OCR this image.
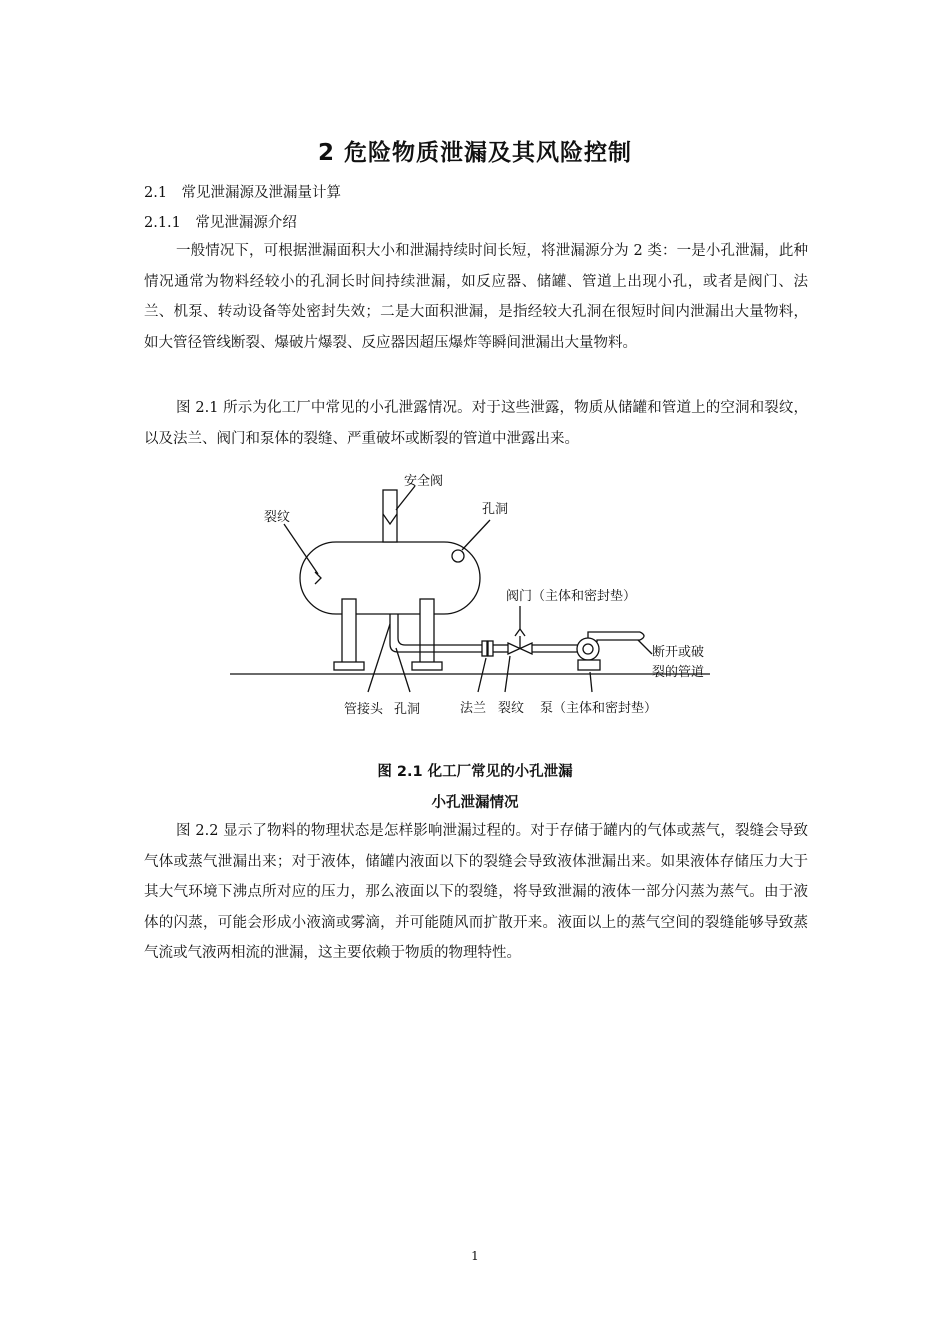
2 危险物质泄漏及其风险控制
2.1　常见泄漏源及泄漏量计算
2.1.1　常见泄漏源介绍

一般情况下，可根据泄漏面积大小和泄漏持续时间长短，将泄漏源分为 2 类：一是小孔泄漏，此种情况通常为物料经较小的孔洞长时间持续泄漏，如反应器、储罐、管道上出现小孔，或者是阀门、法兰、机泵、转动设备等处密封失效；二是大面积泄漏，是指经较大孔洞在很短时间内泄漏出大量物料，如大管径管线断裂、爆破片爆裂、反应器因超压爆炸等瞬间泄漏出大量物料。

图 2.1 所示为化工厂中常见的小孔泄露情况。对于这些泄露，物质从储罐和管道上的空洞和裂纹，以及法兰、阀门和泵体的裂缝、严重破坏或断裂的管道中泄露出来。

安全阀
裂纹
孔洞
阀门（主体和密封垫）
断开或破
裂的管道
管接头 孔洞	法兰 裂纹 泵（主体和密封垫）
图 2.1 化工厂常见的小孔泄漏
小孔泄漏情况

图 2.2 显示了物料的物理状态是怎样影响泄漏过程的。对于存储于罐内的气体或蒸气，裂缝会导致气体或蒸气泄漏出来；对于液体，储罐内液面以下的裂缝会导致液体泄漏出来。如果液体存储压力大于其大气环境下沸点所对应的压力，那么液面以下的裂缝，将导致泄漏的液体一部分闪蒸为蒸气。由于液体的闪蒸，可能会形成小液滴或雾滴，并可能随风而扩散开来。液面以上的蒸气空间的裂缝能够导致蒸气流或气液两相流的泄漏，这主要依赖于物质的物理特性。

1
